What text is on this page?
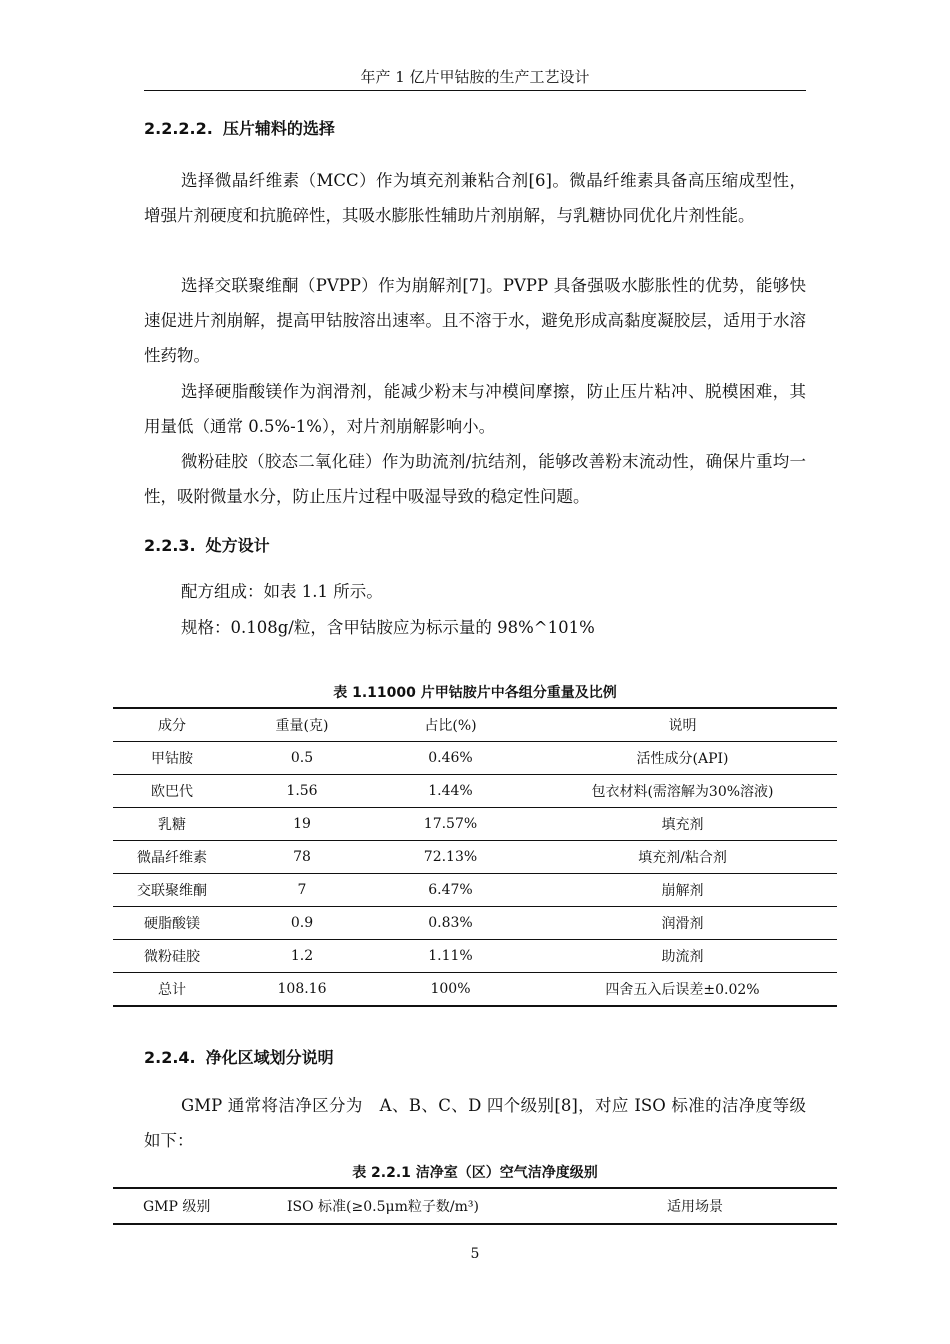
年产 1 亿片甲钴胺的生产工艺设计
2.2.2.2. 压片辅料的选择

选择微晶纤维素（MCC）作为填充剂兼粘合剂[6]。微晶纤维素具备高压缩成型性，增强片剂硬度和抗脆碎性，其吸水膨胀性辅助片剂崩解，与乳糖协同优化片剂性能。

选择交联聚维酮（PVPP）作为崩解剂[7]。PVPP 具备强吸水膨胀性的优势，能够快速促进片剂崩解，提高甲钴胺溶出速率。且不溶于水，避免形成高黏度凝胶层，适用于水溶性药物。

选择硬脂酸镁作为润滑剂，能减少粉末与冲模间摩擦，防止压片粘冲、脱模困难，其用量低（通常 0.5%-1%），对片剂崩解影响小。

微粉硅胶（胶态二氧化硅）作为助流剂/抗结剂，能够改善粉末流动性，确保片重均一性，吸附微量水分，防止压片过程中吸湿导致的稳定性问题。

2.2.3. 处方设计

配方组成：如表 1.1 所示。

规格：0.108g/粒，含甲钴胺应为标示量的 98%^101%

表 1.11000 片甲钴胺片中各组分重量及比例
成分	重量(克)	占比(%)	说明
甲钴胺	0.5	0.46%	活性成分(API)
欧巴代	1.56	1.44%	包衣材料(需溶解为30%溶液)
乳糖	19	17.57%	填充剂
微晶纤维素	78	72.13%	填充剂/粘合剂
交联聚维酮	7	6.47%	崩解剂
硬脂酸镁	0.9	0.83%	润滑剂
微粉硅胶	1.2	1.11%	助流剂
总计	108.16	100%	四舍五入后误差±0.02%
2.2.4. 净化区域划分说明

GMP 通常将洁净区分为　A、B、C、D 四个级别[8]，对应 ISO 标准的洁净度等级如下：

表 2.2.1 洁净室（区）空气洁净度级别
GMP 级别	ISO 标准(≥0.5μm粒子数/m³)	适用场景
5
